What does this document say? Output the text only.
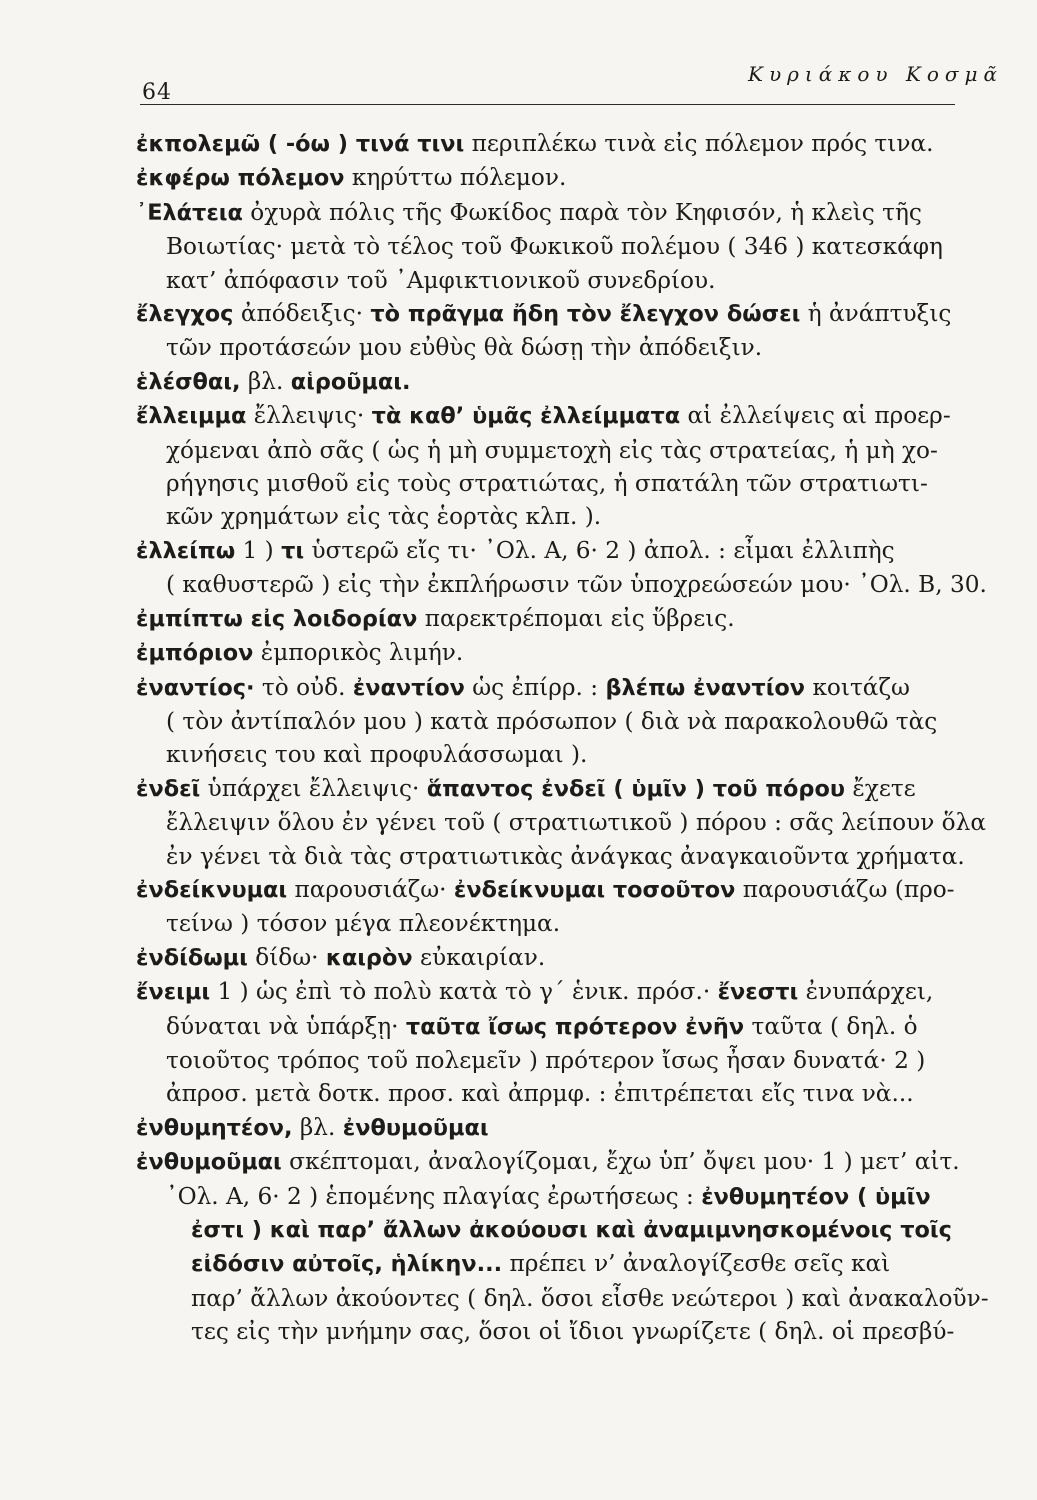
64
Κυριάκου Κοσμᾶ

ἐκπολεμῶ ( -όω ) τινά τινι περιπλέκω τινὰ εἰς πόλεμον πρός τινα.

ἐκφέρω πόλεμον κηρύττω πόλεμον.

᾿Ελάτεια ὀχυρὰ πόλις τῆς Φωκίδος παρὰ τὸν Κηφισόν, ἡ κλεὶς τῆς
Βοιωτίας· μετὰ τὸ τέλος τοῦ Φωκικοῦ πολέμου ( 346 ) κατεσκάφη
κατ’ ἀπόφασιν τοῦ ᾿Αμφικτιονικοῦ συνεδρίου.

ἔλεγχος ἀπόδειξις· τὸ πρᾶγμα ἤδη τὸν ἔλεγχον δώσει ἡ ἀνάπτυξις
τῶν προτάσεών μου εὐθὺς θὰ δώσῃ τὴν ἀπόδειξιν.

ἑλέσθαι, βλ. αἱροῦμαι.

ἔλλειμμα ἔλλειψις· τὰ καθ’ ὑμᾶς ἐλλείμματα αἱ ἐλλείψεις αἱ προερ-
χόμεναι ἀπὸ σᾶς ( ὡς ἡ μὴ συμμετοχὴ εἰς τὰς στρατείας, ἡ μὴ χο-
ρήγησις μισθοῦ εἰς τοὺς στρατιώτας, ἡ σπατάλη τῶν στρατιωτι-
κῶν χρημάτων εἰς τὰς ἑορτὰς κλπ. ).

ἐλλείπω 1 ) τι ὑστερῶ εἴς τι· ᾿Ολ. Α, 6· 2 ) ἀπολ. : εἶμαι ἐλλιπὴς
( καθυστερῶ ) εἰς τὴν ἐκπλήρωσιν τῶν ὑποχρεώσεών μου· ᾿Ολ. Β, 30.

ἐμπίπτω εἰς λοιδορίαν παρεκτρέπομαι εἰς ὕβρεις.

ἐμπόριον ἐμπορικὸς λιμήν.

ἐναντίος· τὸ οὐδ. ἐναντίον ὡς ἐπίρρ. : βλέπω ἐναντίον κοιτάζω
( τὸν ἀντίπαλόν μου ) κατὰ πρόσωπον ( διὰ νὰ παρακολουθῶ τὰς
κινήσεις του καὶ προφυλάσσωμαι ).

ἐνδεῖ ὑπάρχει ἔλλειψις· ἅπαντος ἐνδεῖ ( ὑμῖν ) τοῦ πόρου ἔχετε
ἔλλειψιν ὅλου ἐν γένει τοῦ ( στρατιωτικοῦ ) πόρου : σᾶς λείπουν ὅλα
ἐν γένει τὰ διὰ τὰς στρατιωτικὰς ἀνάγκας ἀναγκαιοῦντα χρήματα.

ἐνδείκνυμαι παρουσιάζω· ἐνδείκνυμαι τοσοῦτον παρουσιάζω (προ-
τείνω ) τόσον μέγα πλεονέκτημα.

ἐνδίδωμι δίδω· καιρὸν εὐκαιρίαν.

ἔνειμι 1 ) ὡς ἐπὶ τὸ πολὺ κατὰ τὸ γ΄ ἑνικ. πρόσ.· ἔνεστι ἐνυπάρχει,
δύναται νὰ ὑπάρξῃ· ταῦτα ἴσως πρότερον ἐνῆν ταῦτα ( δηλ. ὁ
τοιοῦτος τρόπος τοῦ πολεμεῖν ) πρότερον ἴσως ἦσαν δυνατά· 2 )
ἀπροσ. μετὰ δοτκ. προσ. καὶ ἀπρμφ. : ἐπιτρέπεται εἴς τινα νὰ...

ἐνθυμητέον, βλ. ἐνθυμοῦμαι

ἐνθυμοῦμαι σκέπτομαι, ἀναλογίζομαι, ἔχω ὑπ’ ὄψει μου· 1 ) μετ’ αἰτ.
᾿Ολ. Α, 6· 2 ) ἑπομένης πλαγίας ἐρωτήσεως : ἐνθυμητέον ( ὑμῖν
ἐστι ) καὶ παρ’ ἄλλων ἀκούουσι καὶ ἀναμιμνησκομένοις τοῖς
εἰδόσιν αὐτοῖς, ἡλίκην... πρέπει ν’ ἀναλογίζεσθε σεῖς καὶ
παρ’ ἄλλων ἀκούοντες ( δηλ. ὅσοι εἶσθε νεώτεροι ) καὶ ἀνακαλοῦν-
τες εἰς τὴν μνήμην σας, ὅσοι οἱ ἴδιοι γνωρίζετε ( δηλ. οἱ πρεσβύ-
